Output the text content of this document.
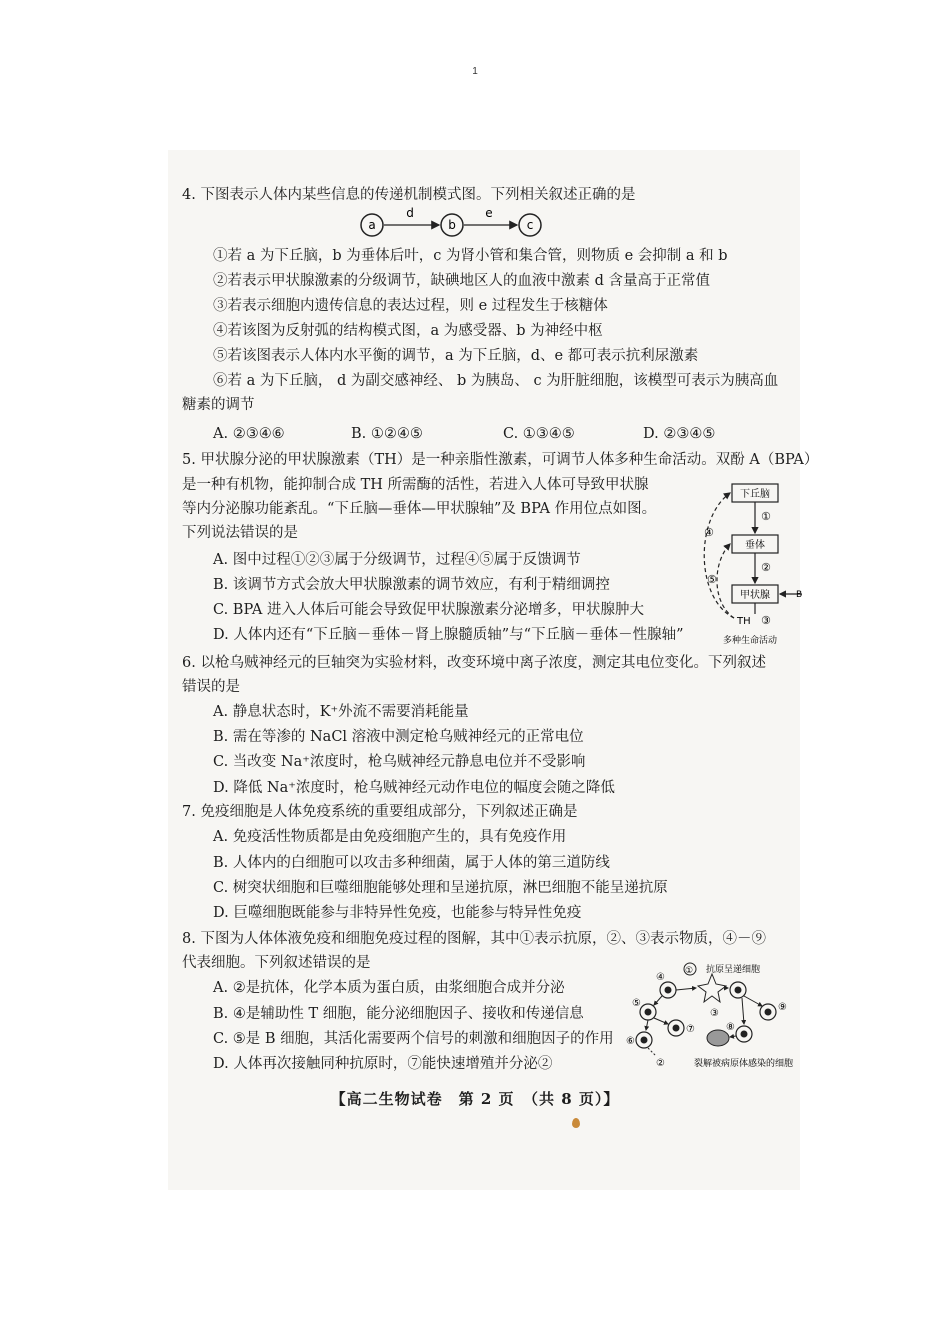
1
4. 下图表示人体内某些信息的传递机制模式图。下列相关叙述正确的是
a
d
b
e
c
①若 a 为下丘脑，b 为垂体后叶，c 为肾小管和集合管，则物质 e 会抑制 a 和 b
②若表示甲状腺激素的分级调节，缺碘地区人的血液中激素 d 含量高于正常值
③若表示细胞内遗传信息的表达过程，则 e 过程发生于核糖体
④若该图为反射弧的结构模式图，a 为感受器、b 为神经中枢
⑤若该图表示人体内水平衡的调节，a 为下丘脑，d、e 都可表示抗利尿激素
⑥若 a 为下丘脑， d 为副交感神经、 b 为胰岛、 c 为肝脏细胞，该模型可表示为胰高血
糖素的调节
A. ②③④⑥	B. ①②④⑤	C. ①③④⑤	D. ②③④⑤
5. 甲状腺分泌的甲状腺激素（TH）是一种亲脂性激素，可调节人体多种生命活动。双酚 A（BPA）
是一种有机物，能抑制合成 TH 所需酶的活性，若进入人体可导致甲状腺
等内分泌腺功能紊乱。“下丘脑—垂体—甲状腺轴”及 BPA 作用位点如图。
下列说法错误的是
A. 图中过程①②③属于分级调节，过程④⑤属于反馈调节
B. 该调节方式会放大甲状腺激素的调节效应，有利于精细调控
C. BPA 进入人体后可能会导致促甲状腺激素分泌增多，甲状腺肿大
D. 人体内还有“下丘脑－垂体－肾上腺髓质轴”与“下丘脑－垂体－性腺轴”
下丘脑
①
垂体
②
甲状腺	B
TH ③
多种生命活动
④
⑤
6. 以枪乌贼神经元的巨轴突为实验材料，改变环境中离子浓度，测定其电位变化。下列叙述
错误的是
A. 静息状态时，K⁺外流不需要消耗能量
B. 需在等渗的 NaCl 溶液中测定枪乌贼神经元的正常电位
C. 当改变 Na⁺浓度时，枪乌贼神经元静息电位并不受影响
D. 降低 Na⁺浓度时，枪乌贼神经元动作电位的幅度会随之降低
7. 免疫细胞是人体免疫系统的重要组成部分，下列叙述正确是
A. 免疫活性物质都是由免疫细胞产生的，具有免疫作用
B. 人体内的白细胞可以攻击多种细菌，属于人体的第三道防线
C. 树突状细胞和巨噬细胞能够处理和呈递抗原，淋巴细胞不能呈递抗原
D. 巨噬细胞既能参与非特异性免疫，也能参与特异性免疫
8. 下图为人体体液免疫和细胞免疫过程的图解，其中①表示抗原，②、③表示物质，④－⑨
代表细胞。下列叙述错误的是
A. ②是抗体，化学本质为蛋白质，由浆细胞合成并分泌
B. ④是辅助性 T 细胞，能分泌细胞因子、接收和传递信息
C. ⑤是 B 细胞，其活化需要两个信号的刺激和细胞因子的作用
D. 人体再次接触同种抗原时，⑦能快速增殖并分泌②
抗原呈递细胞
①
④
⑤
⑦
⑥
②
③
⑧
⑨
裂解被病原体感染的细胞
【高二生物试卷　第 2 页　（共 8 页）】
